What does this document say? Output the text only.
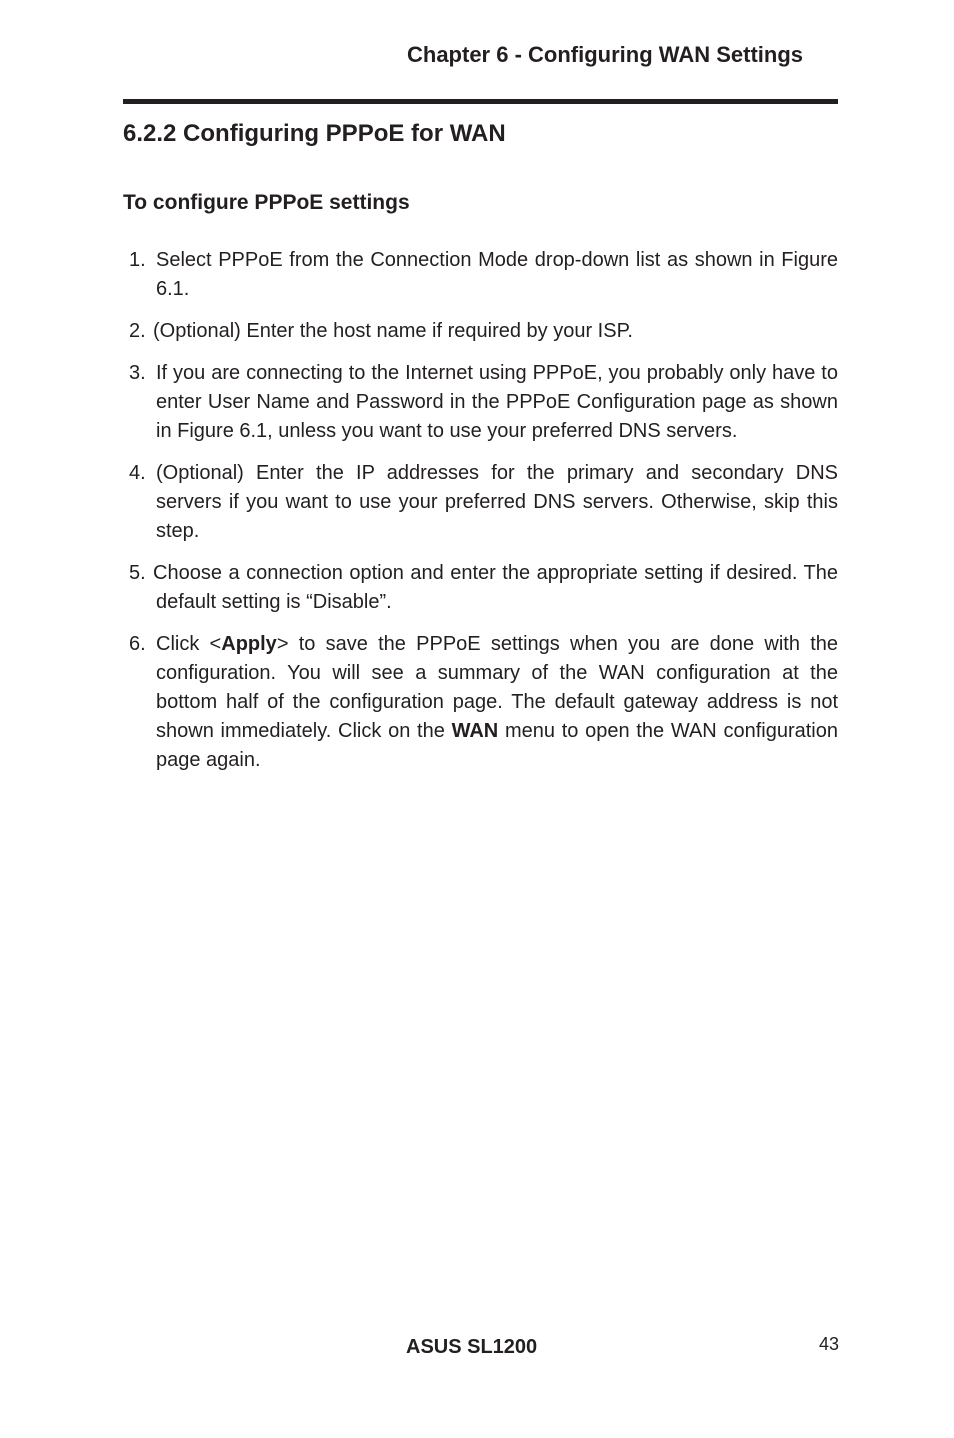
Chapter 6 - Configuring WAN Settings
6.2.2 Configuring PPPoE for WAN
To configure PPPoE settings
1. Select PPPoE from the Connection Mode drop-down list as shown in Figure 6.1.
2. (Optional) Enter the host name if required by your ISP.
3. If you are connecting to the Internet using PPPoE, you probably only have to enter User Name and Password in the PPPoE Configuration page as shown in Figure 6.1, unless you want to use your preferred DNS servers.
4. (Optional) Enter the IP addresses for the primary and secondary DNS servers if you want to use your preferred DNS servers. Otherwise, skip this step.
5. Choose a connection option and enter the appropriate setting if desired. The default setting is “Disable”.
6. Click <Apply> to save the PPPoE settings when you are done with the configuration. You will see a summary of the WAN configuration at the bottom half of the configuration page. The default gateway address is not shown immediately. Click on the WAN menu to open the WAN configuration page again.
ASUS SL1200	43
